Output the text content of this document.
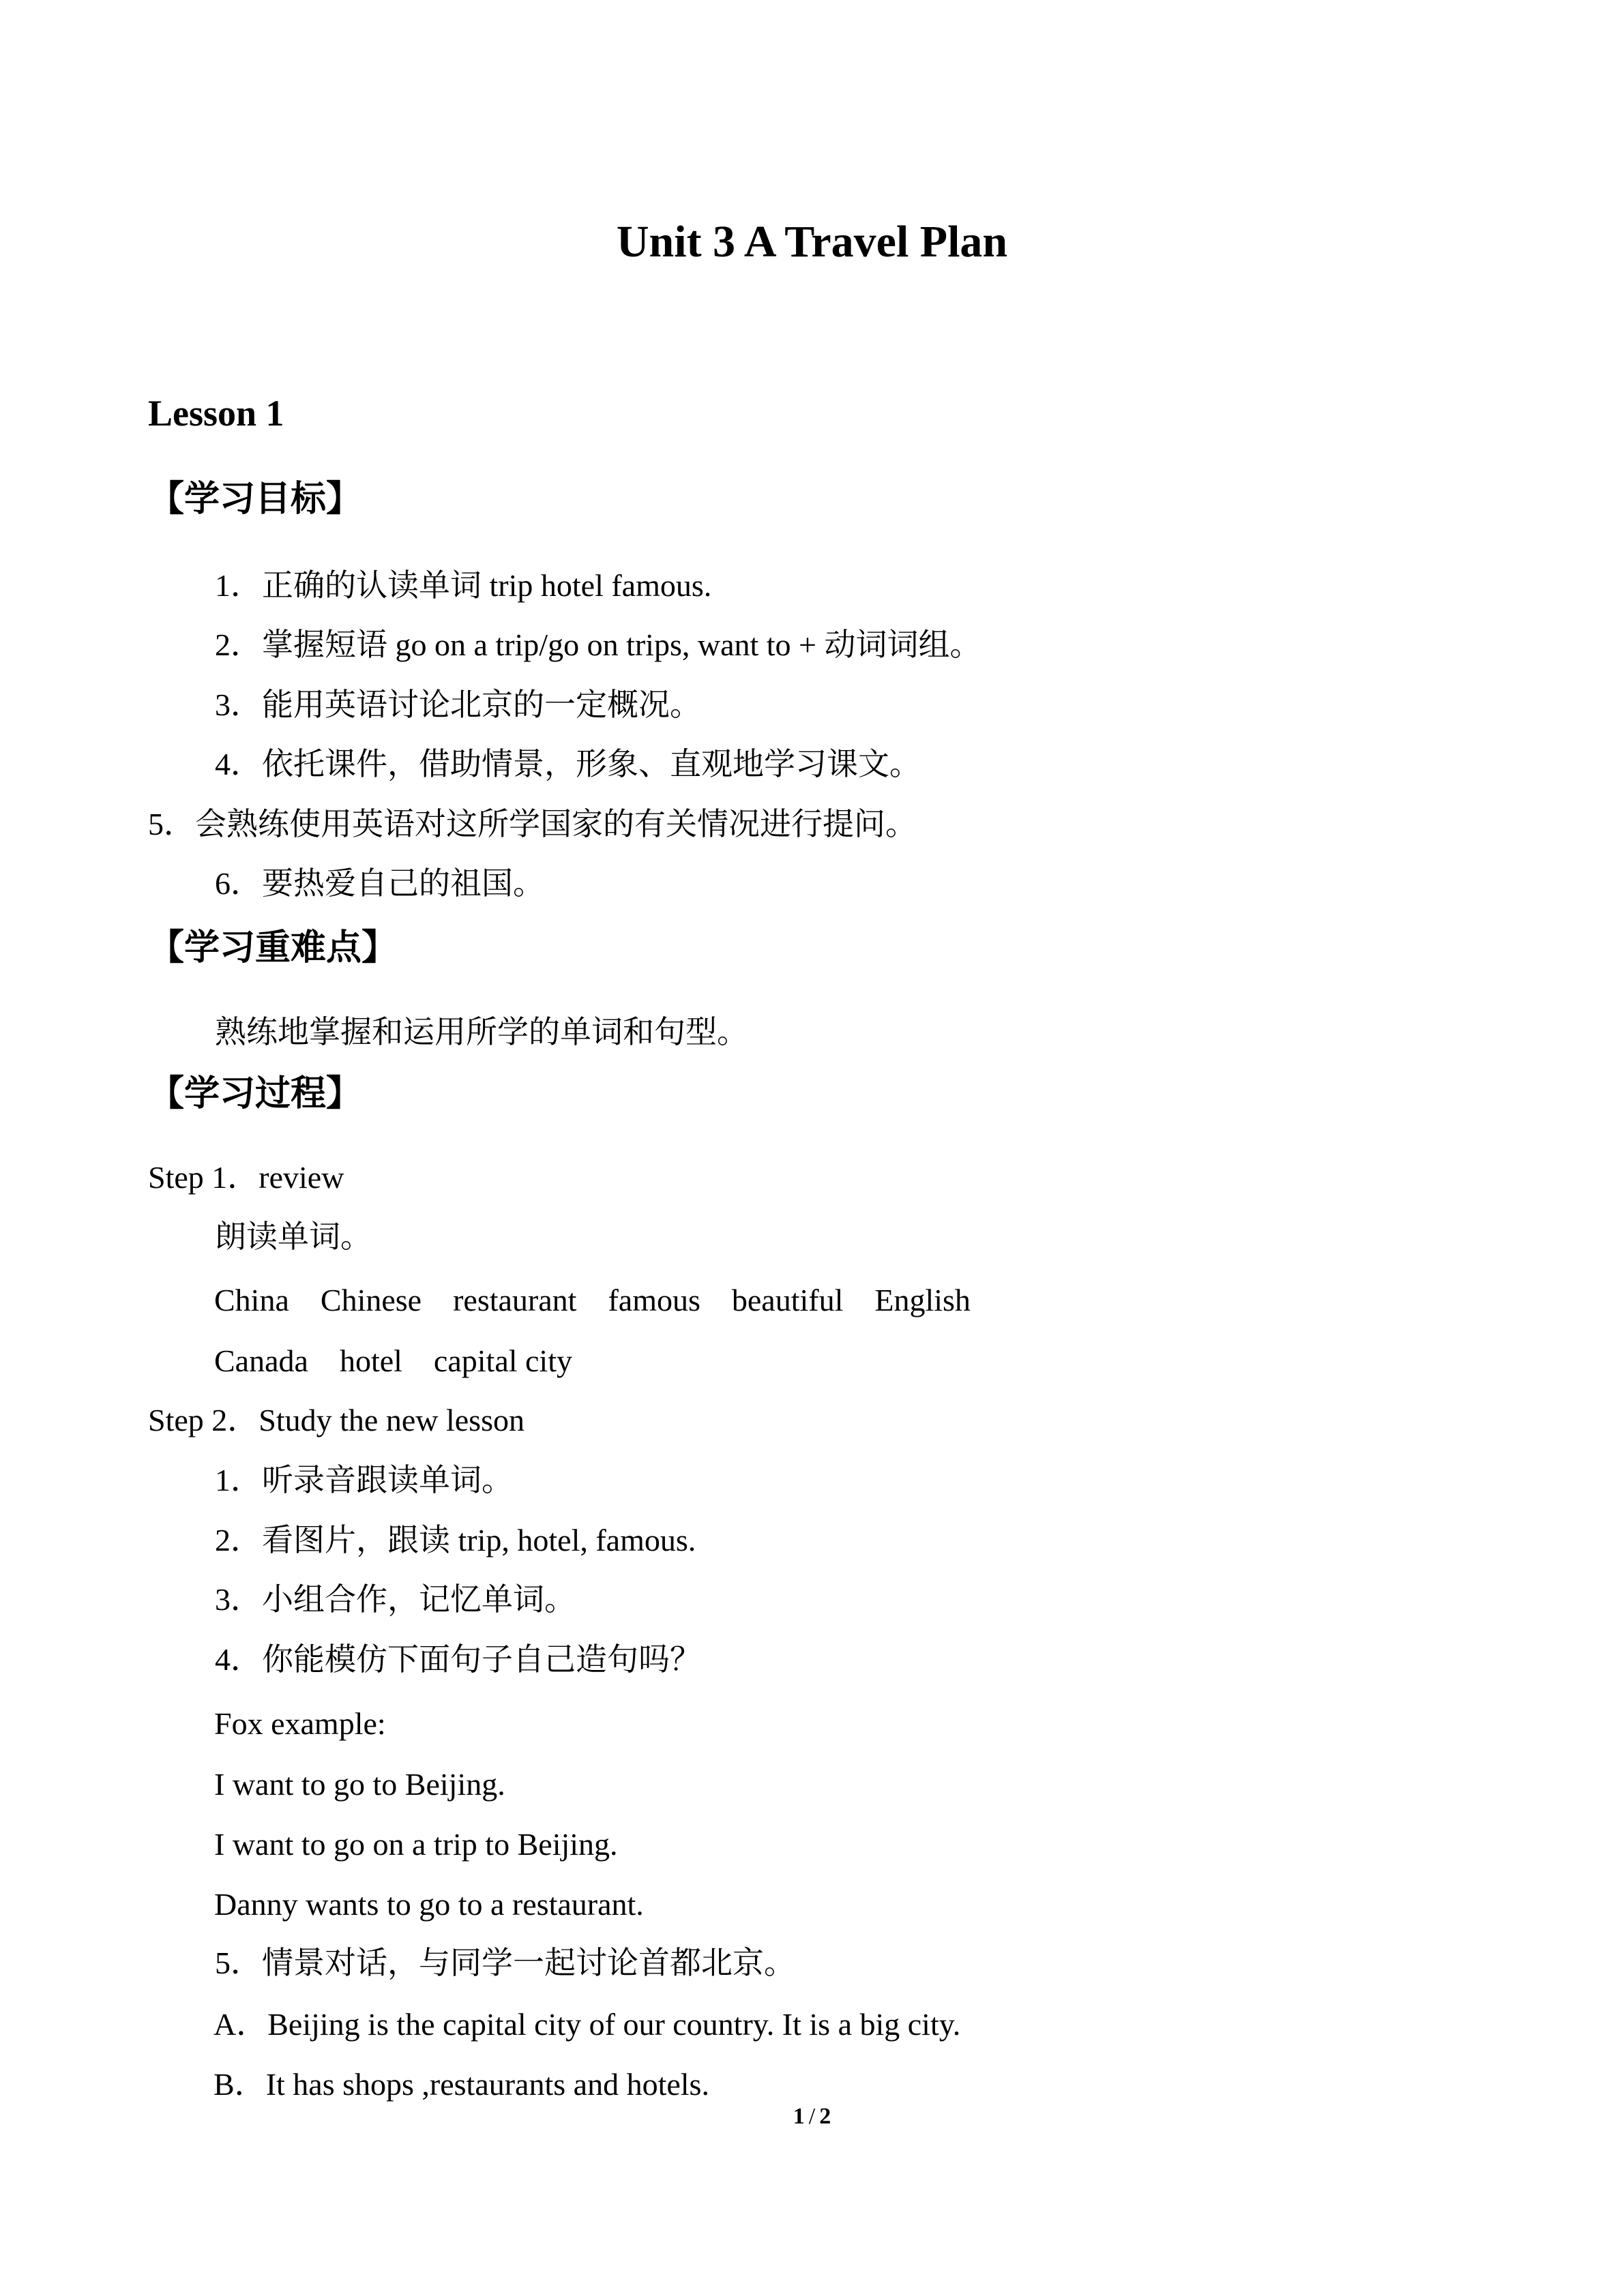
Unit 3 A Travel Plan
Lesson 1
【学习目标】
1．正确的认读单词 trip hotel famous.
2．掌握短语 go on a trip/go on trips, want to + 动词词组。
3．能用英语讨论北京的一定概况。
4．依托课件，借助情景，形象、直观地学习课文。
5．会熟练使用英语对这所学国家的有关情况进行提问。
6．要热爱自己的祖国。
【学习重难点】
熟练地掌握和运用所学的单词和句型。
【学习过程】
Step 1．review
朗读单词。
China Chinese restaurant famous beautiful English
Canada hotel capital city
Step 2．Study the new lesson
1．听录音跟读单词。
2．看图片，跟读 trip, hotel, famous.
3．小组合作，记忆单词。
4．你能模仿下面句子自己造句吗？
Fox example:
I want to go to Beijing.
I want to go on a trip to Beijing.
Danny wants to go to a restaurant.
5．情景对话，与同学一起讨论首都北京。
A．Beijing is the capital city of our country. It is a big city.
B．It has shops ,restaurants and hotels.
1 / 2
